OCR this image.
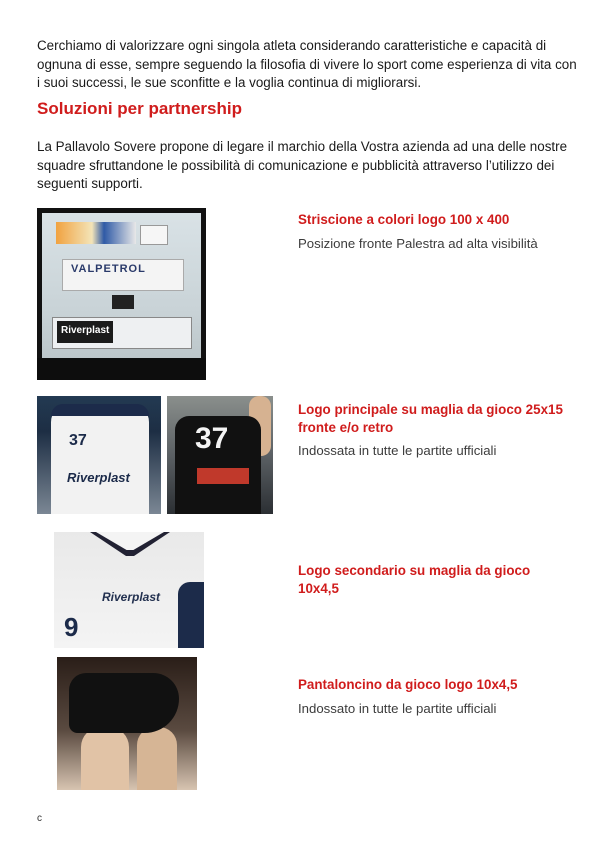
Cerchiamo di valorizzare ogni singola atleta considerando caratteristiche e capacità di ognuna di esse, sempre seguendo la filosofia di vivere lo sport come esperienza di vita con i suoi successi, le sue sconfitte e la voglia continua di migliorarsi.

Soluzioni per partnership

La Pallavolo Sovere propone di legare il marchio della Vostra azienda ad una delle nostre squadre sfruttandone le possibilità di comunicazione e pubblicità attraverso l’utilizzo dei seguenti supporti.

VALPETROL
Riverplast
37
Riverplast
37
Riverplast
9

Striscione a colori logo 100 x 400

Posizione fronte Palestra ad alta visibilità

Logo principale su maglia da gioco 25x15 fronte e/o retro

Indossata in tutte le partite ufficiali

Logo secondario su maglia da gioco 10x4,5

Pantaloncino da gioco logo 10x4,5

Indossato in tutte le partite ufficiali

c
